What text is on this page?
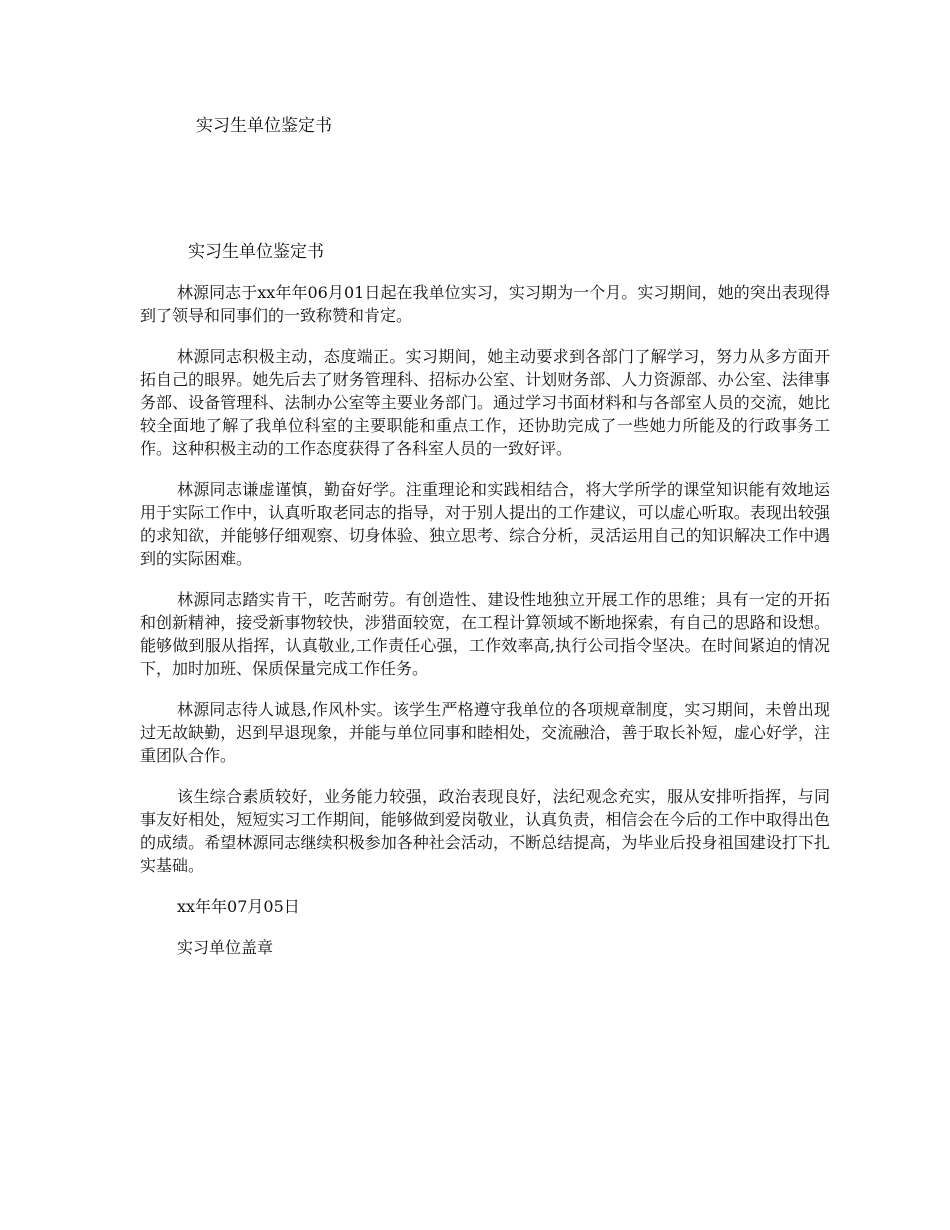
实习生单位鉴定书
实习生单位鉴定书

林源同志于xx年年06月01日起在我单位实习，实习期为一个月。实习期间，她的突出表现得到了领导和同事们的一致称赞和肯定。

林源同志积极主动，态度端正。实习期间，她主动要求到各部门了解学习，努力从多方面开拓自己的眼界。她先后去了财务管理科、招标办公室、计划财务部、人力资源部、办公室、法律事务部、设备管理科、法制办公室等主要业务部门。通过学习书面材料和与各部室人员的交流，她比较全面地了解了我单位科室的主要职能和重点工作，还协助完成了一些她力所能及的行政事务工作。这种积极主动的工作态度获得了各科室人员的一致好评。

林源同志谦虚谨慎，勤奋好学。注重理论和实践相结合，将大学所学的课堂知识能有效地运用于实际工作中，认真听取老同志的指导，对于别人提出的工作建议，可以虚心听取。表现出较强的求知欲，并能够仔细观察、切身体验、独立思考、综合分析，灵活运用自己的知识解决工作中遇到的实际困难。

林源同志踏实肯干，吃苦耐劳。有创造性、建设性地独立开展工作的思维；具有一定的开拓和创新精神，接受新事物较快，涉猎面较宽，在工程计算领域不断地探索，有自己的思路和设想。能够做到服从指挥，认真敬业,工作责任心强，工作效率高,执行公司指令坚决。在时间紧迫的情况下，加时加班、保质保量完成工作任务。

林源同志待人诚恳,作风朴实。该学生严格遵守我单位的各项规章制度，实习期间，未曾出现过无故缺勤，迟到早退现象，并能与单位同事和睦相处，交流融洽，善于取长补短，虚心好学，注重团队合作。

该生综合素质较好，业务能力较强，政治表现良好，法纪观念充实，服从安排听指挥，与同事友好相处，短短实习工作期间，能够做到爱岗敬业，认真负责，相信会在今后的工作中取得出色的成绩。希望林源同志继续积极参加各种社会活动，不断总结提高，为毕业后投身祖国建设打下扎实基础。

xx年年07月05日

实习单位盖章
